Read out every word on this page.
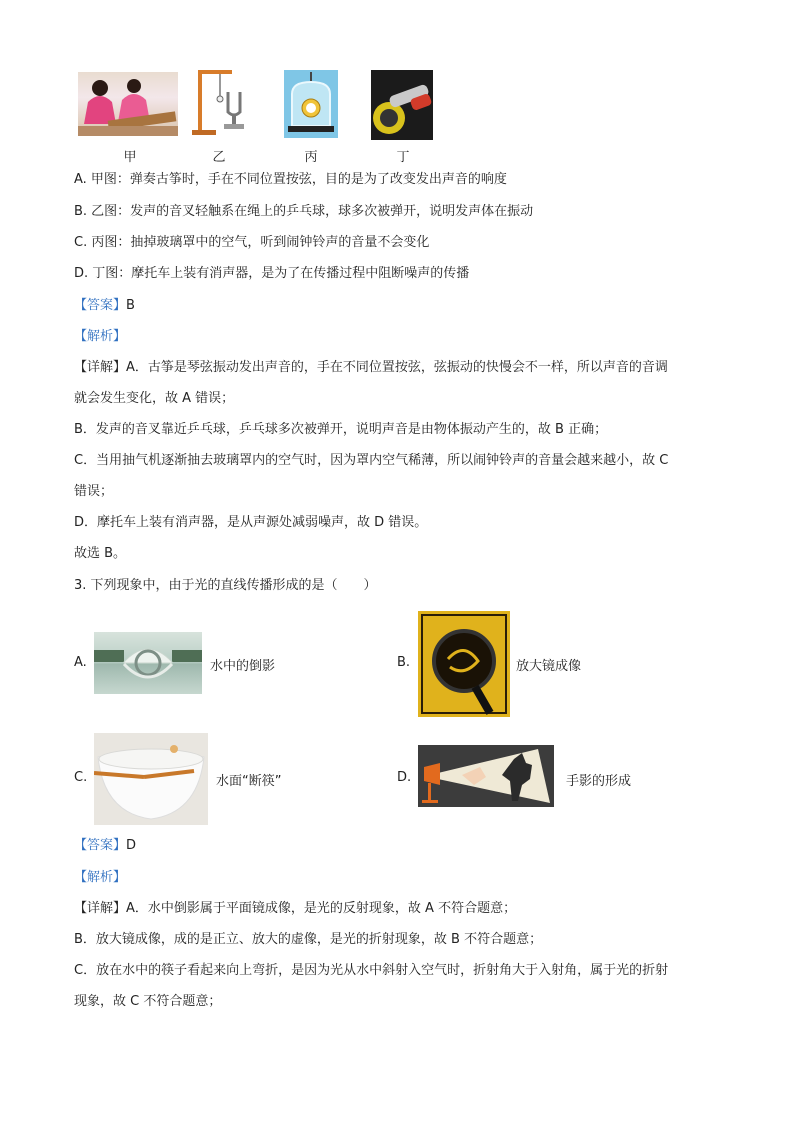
甲	乙	丙	丁
A. 甲图：弹奏古筝时，手在不同位置按弦，目的是为了改变发出声音的响度
B. 乙图：发声的音叉轻触系在绳上的乒乓球，球多次被弹开，说明发声体在振动
C. 丙图：抽掉玻璃罩中的空气，听到闹钟铃声的音量不会变化
D. 丁图：摩托车上装有消声器，是为了在传播过程中阻断噪声的传播
【答案】B
【解析】
【详解】A．古筝是琴弦振动发出声音的，手在不同位置按弦，弦振动的快慢会不一样，所以声音的音调
就会发生变化，故 A 错误；
B．发声的音叉靠近乒乓球，乒乓球多次被弹开，说明声音是由物体振动产生的，故 B 正确；
C．当用抽气机逐渐抽去玻璃罩内的空气时，因为罩内空气稀薄，所以闹钟铃声的音量会越来越小，故 C
错误；
D．摩托车上装有消声器，是从声源处减弱噪声，故 D 错误。
故选 B。
3. 下列现象中，由于光的直线传播形成的是（　　）
A.	水中的倒影	B.	放大镜成像
C.	水面“断筷”	D.	手影的形成
【答案】D
【解析】
【详解】A．水中倒影属于平面镜成像，是光的反射现象，故 A 不符合题意；
B．放大镜成像，成的是正立、放大的虚像，是光的折射现象，故 B 不符合题意；
C．放在水中的筷子看起来向上弯折，是因为光从水中斜射入空气时，折射角大于入射角，属于光的折射
现象，故 C 不符合题意；
